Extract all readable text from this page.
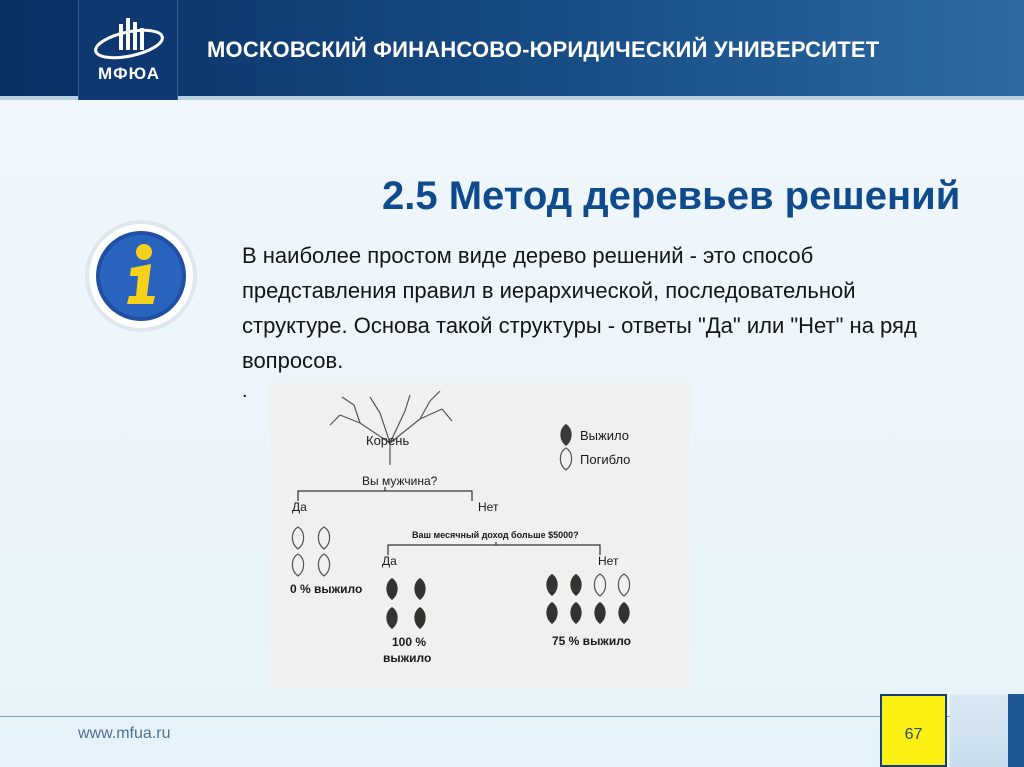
МФЮА
МОСКОВСКИЙ ФИНАНСОВО-ЮРИДИЧЕСКИЙ УНИВЕРСИТЕТ
2.5 Метод деревьев решений
В наиболее простом виде дерево решений - это способ представления правил в иерархической, последовательной структуре. Основа такой структуры - ответы "Да" или "Нет" на ряд вопросов.
.
Корень	Выжило
Погибло
Вы мужчина?
Да	Нет
0 % выжило
Ваш месячный доход больше $5000?
Да	Нет
100 %
выжило
75 % выжило
www.mfua.ru	67
